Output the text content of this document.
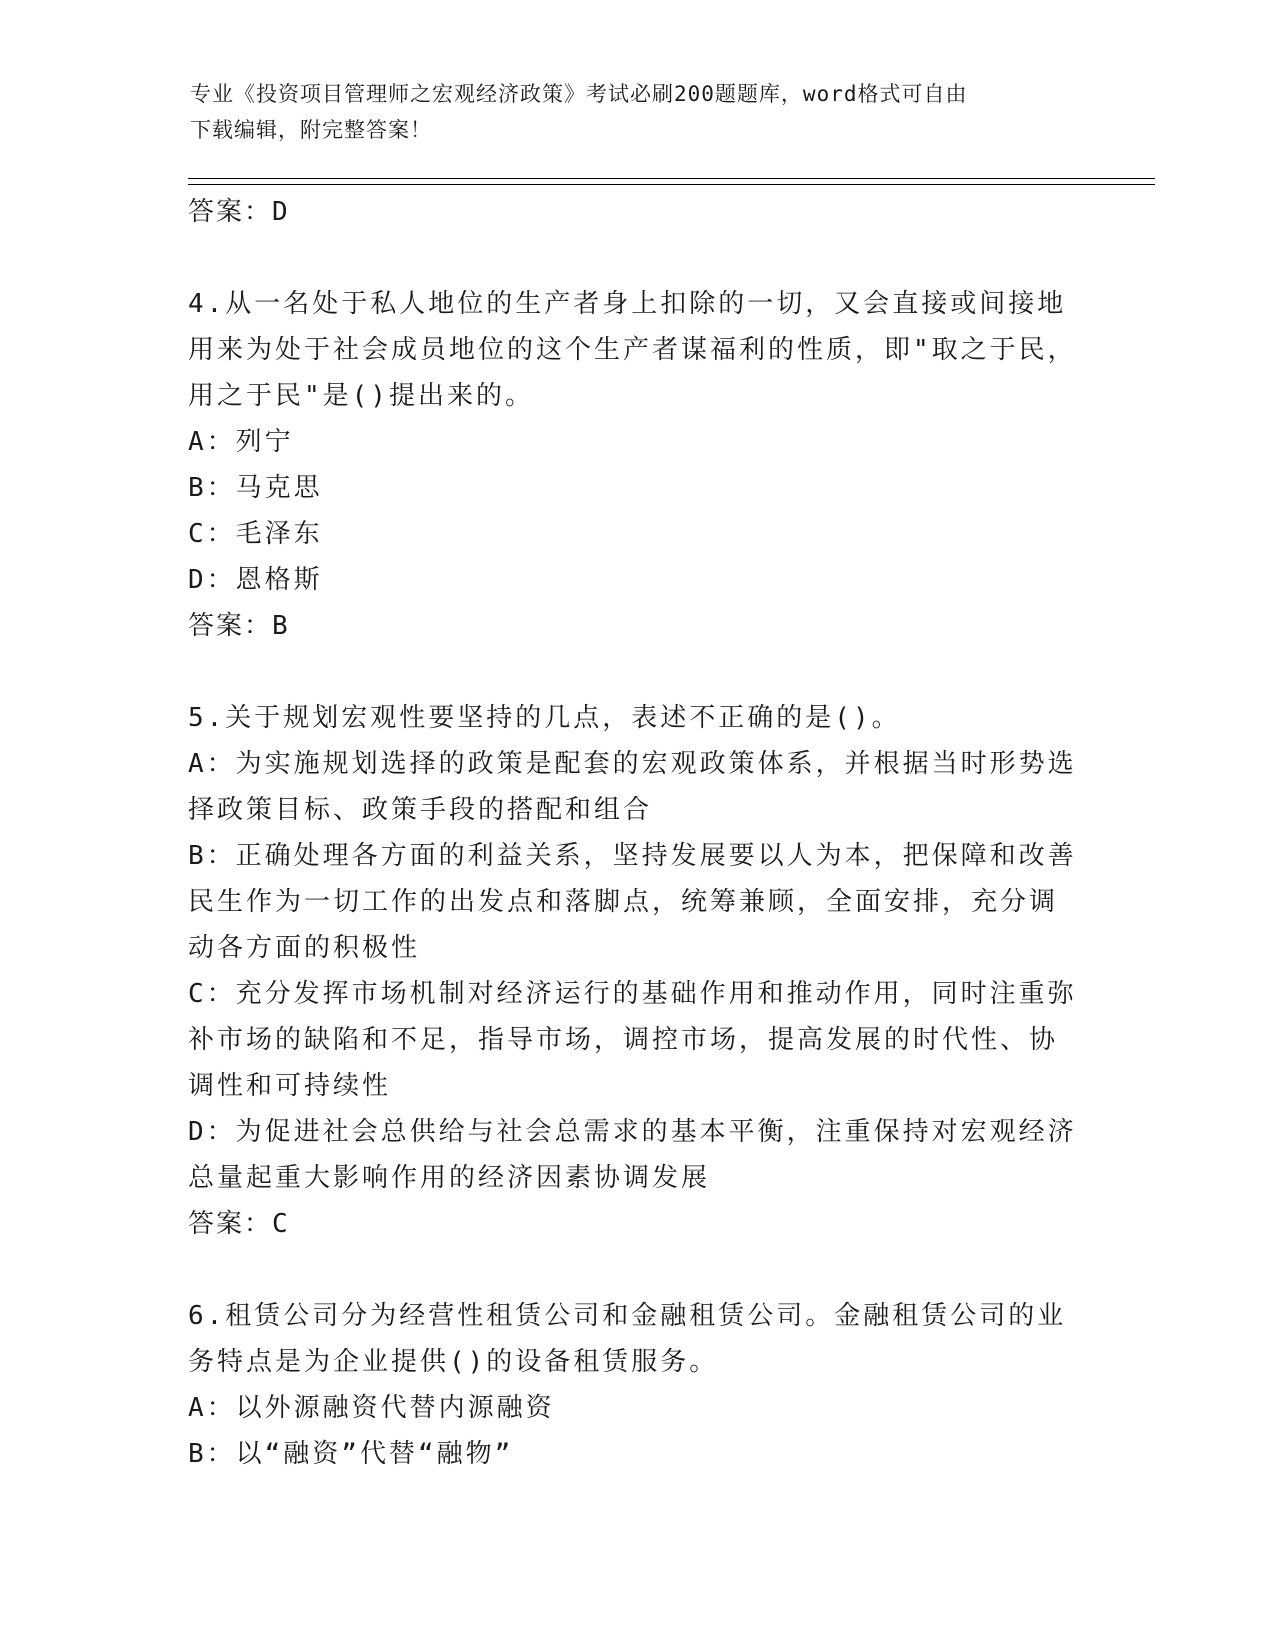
专业《投资项目管理师之宏观经济政策》考试必刷200题题库，word格式可自由
下载编辑，附完整答案！
答案：D
4.从一名处于私人地位的生产者身上扣除的一切，又会直接或间接地
用来为处于社会成员地位的这个生产者谋福利的性质，即"取之于民，
用之于民"是()提出来的。
A：列宁
B：马克思
C：毛泽东
D：恩格斯
答案：B
5.关于规划宏观性要坚持的几点，表述不正确的是()。
A：为实施规划选择的政策是配套的宏观政策体系，并根据当时形势选
择政策目标、政策手段的搭配和组合
B：正确处理各方面的利益关系，坚持发展要以人为本，把保障和改善
民生作为一切工作的出发点和落脚点，统筹兼顾，全面安排，充分调
动各方面的积极性
C：充分发挥市场机制对经济运行的基础作用和推动作用，同时注重弥
补市场的缺陷和不足，指导市场，调控市场，提高发展的时代性、协
调性和可持续性
D：为促进社会总供给与社会总需求的基本平衡，注重保持对宏观经济
总量起重大影响作用的经济因素协调发展
答案：C
6.租赁公司分为经营性租赁公司和金融租赁公司。金融租赁公司的业
务特点是为企业提供()的设备租赁服务。
A：以外源融资代替内源融资
B：以“融资”代替“融物”
